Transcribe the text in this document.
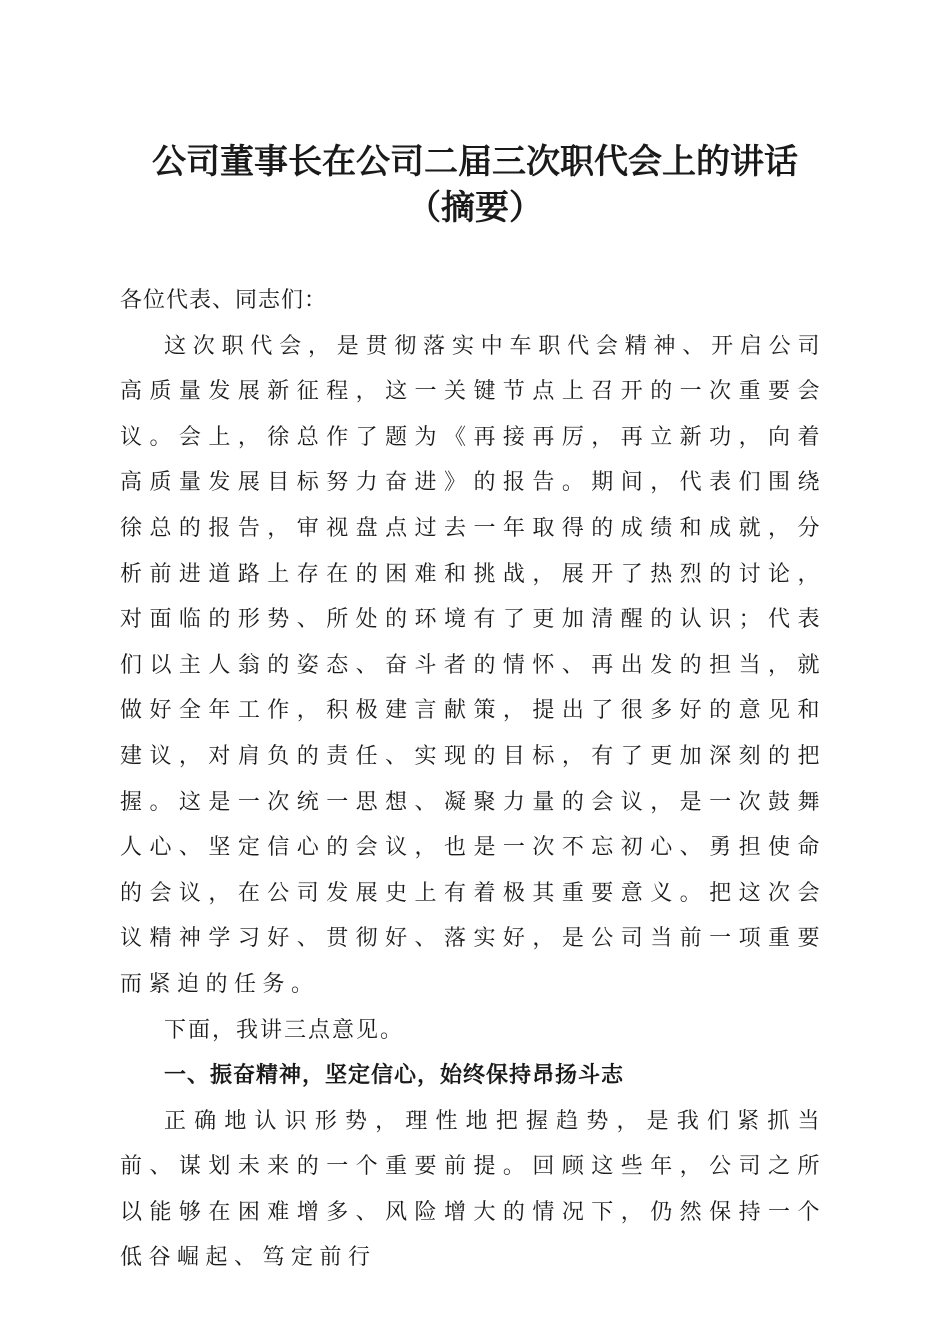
公司董事长在公司二届三次职代会上的讲话
（摘要）

各位代表、同志们：

这次职代会，是贯彻落实中车职代会精神、开启公司高质量发展新征程，这一关键节点上召开的一次重要会议。会上，徐总作了题为《再接再厉，再立新功，向着高质量发展目标努力奋进》的报告。期间，代表们围绕徐总的报告，审视盘点过去一年取得的成绩和成就，分析前进道路上存在的困难和挑战，展开了热烈的讨论，对面临的形势、所处的环境有了更加清醒的认识；代表们以主人翁的姿态、奋斗者的情怀、再出发的担当，就做好全年工作，积极建言献策，提出了很多好的意见和建议，对肩负的责任、实现的目标，有了更加深刻的把握。这是一次统一思想、凝聚力量的会议，是一次鼓舞人心、坚定信心的会议，也是一次不忘初心、勇担使命的会议，在公司发展史上有着极其重要意义。把这次会议精神学习好、贯彻好、落实好，是公司当前一项重要而紧迫的任务。

下面，我讲三点意见。

一、振奋精神，坚定信心，始终保持昂扬斗志

正确地认识形势，理性地把握趋势，是我们紧抓当前、谋划未来的一个重要前提。回顾这些年，公司之所以能够在困难增多、风险增大的情况下，仍然保持一个低谷崛起、笃定前行
